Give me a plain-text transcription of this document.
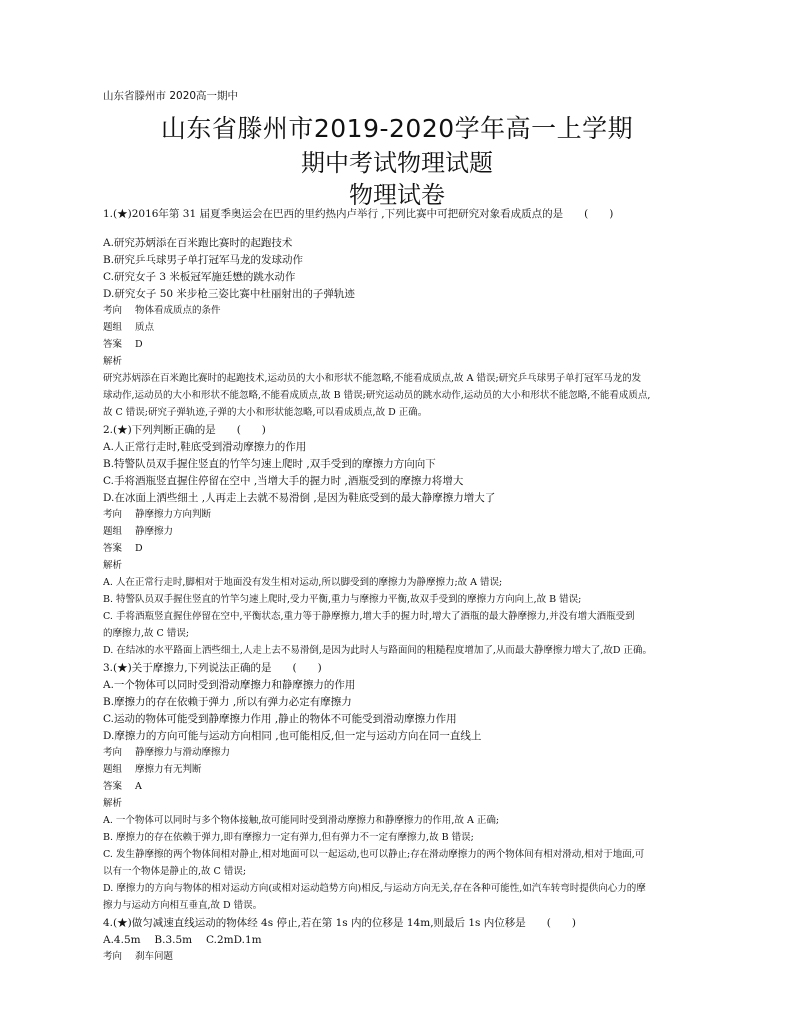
山东省滕州市 2020高一期中
山东省滕州市2019-2020学年高一上学期
期中考试物理试题
物理试卷
1.(★)2016年第 31 届夏季奥运会在巴西的里约热内卢举行 ,下列比赛中可把研究对象看成质点的是　　(　　)
A.研究苏炳添在百米跑比赛时的起跑技术
B.研究乒乓球男子单打冠军马龙的发球动作
C.研究女子 3 米板冠军施廷懋的跳水动作
D.研究女子 50 米步枪三姿比赛中杜丽射出的子弹轨迹
考向 物体看成质点的条件
题组 质点
答案 D
解析
研究苏炳添在百米跑比赛时的起跑技术,运动员的大小和形状不能忽略,不能看成质点,故 A 错误;研究乒乓球男子单打冠军马龙的发
球动作,运动员的大小和形状不能忽略,不能看成质点,故 B 错误;研究运动员的跳水动作,运动员的大小和形状不能忽略,不能看成质点,
故 C 错误;研究子弹轨迹,子弹的大小和形状能忽略,可以看成质点,故 D 正确。
2.(★)下列判断正确的是　　(　　)
A.人正常行走时,鞋底受到滑动摩擦力的作用
B.特警队员双手握住竖直的竹竿匀速上爬时 ,双手受到的摩擦力方向向下
C.手将酒瓶竖直握住停留在空中 ,当增大手的握力时 ,酒瓶受到的摩擦力将增大
D.在冰面上洒些细土 ,人再走上去就不易滑倒 ,是因为鞋底受到的最大静摩擦力增大了
考向 静摩擦力方向判断
题组 静摩擦力
答案 D
解析
A. 人在正常行走时,脚相对于地面没有发生相对运动,所以脚受到的摩擦力为静摩擦力;故 A 错误;
B. 特警队员双手握住竖直的竹竿匀速上爬时,受力平衡,重力与摩擦力平衡,故双手受到的摩擦力方向向上,故 B 错误;
C. 手将酒瓶竖直握住停留在空中,平衡状态,重力等于静摩擦力,增大手的握力时,增大了酒瓶的最大静摩擦力,并没有增大酒瓶受到
的摩擦力,故 C 错误;
D. 在结冰的水平路面上洒些细土,人走上去不易滑倒,是因为此时人与路面间的粗糙程度增加了,从而最大静摩擦力增大了,故D 正确。
3.(★)关于摩擦力,下列说法正确的是　　(　　)
A.一个物体可以同时受到滑动摩擦力和静摩擦力的作用
B.摩擦力的存在依赖于弹力 ,所以有弹力必定有摩擦力
C.运动的物体可能受到静摩擦力作用 ,静止的物体不可能受到滑动摩擦力作用
D.摩擦力的方向可能与运动方向相同 ,也可能相反,但一定与运动方向在同一直线上
考向 静摩擦力与滑动摩擦力
题组 摩擦力有无判断
答案 A
解析
A. 一个物体可以同时与多个物体接触,故可能同时受到滑动摩擦力和静摩擦力的作用,故 A 正确;
B. 摩擦力的存在依赖于弹力,即有摩擦力一定有弹力,但有弹力不一定有摩擦力,故 B 错误;
C. 发生静摩擦的两个物体间相对静止,相对地面可以一起运动,也可以静止;存在滑动摩擦力的两个物体间有相对滑动,相对于地面,可
以有一个物体是静止的,故 C 错误;
D. 摩擦力的方向与物体的相对运动方向(或相对运动趋势方向)相反,与运动方向无关,存在各种可能性,如汽车转弯时提供向心力的摩
擦力与运动方向相互垂直,故 D 错误。
4.(★)做匀减速直线运动的物体经 4s 停止,若在第 1s 内的位移是 14m,则最后 1s 内位移是　　(　　)
A.4.5m　 B.3.5m　 C.2mD.1m
考向 刹车问题
